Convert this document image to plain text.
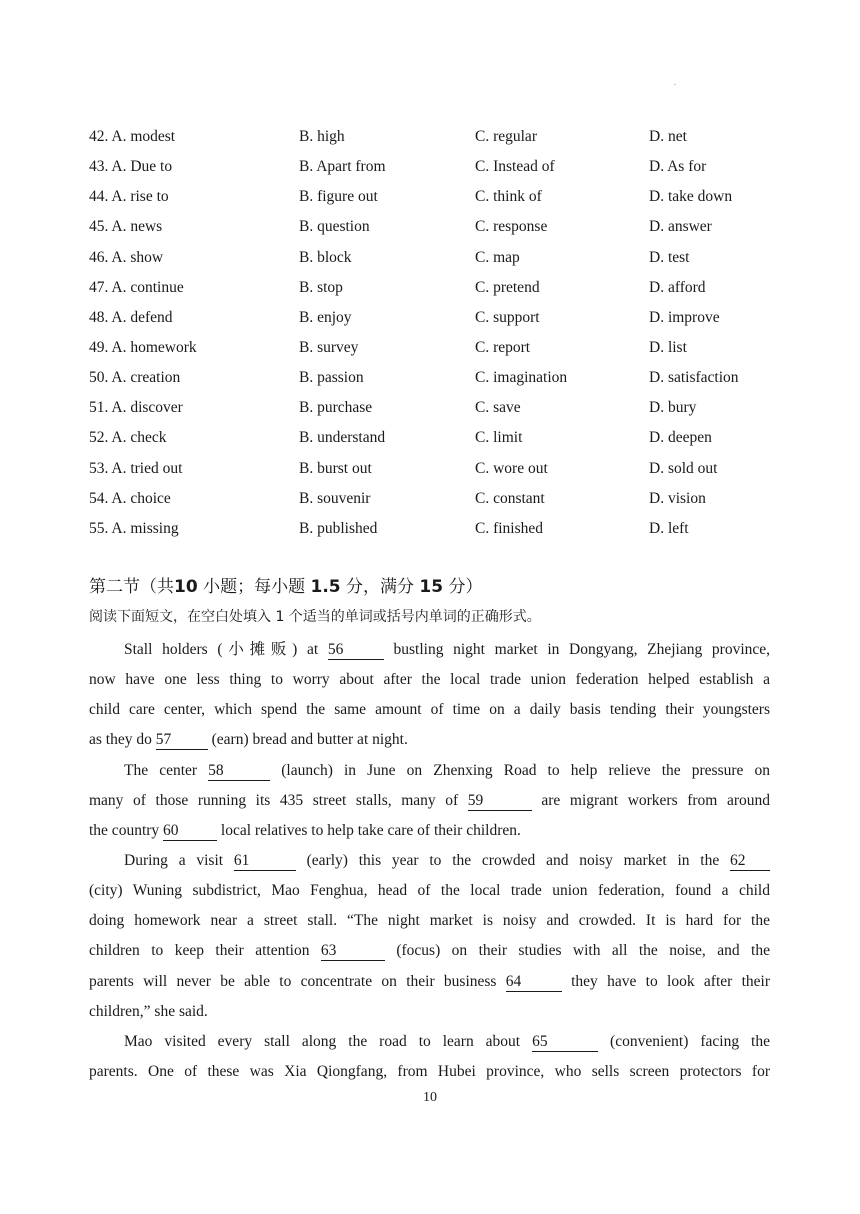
.
42. A. modest	B. high	C. regular	D. net
43. A. Due to	B. Apart from	C. Instead of	D. As for
44. A. rise to	B. figure out	C. think of	D. take down
45. A. news	B. question	C. response	D. answer
46. A. show	B. block	C. map	D. test
47. A. continue	B. stop	C. pretend	D. afford
48. A. defend	B. enjoy	C. support	D. improve
49. A. homework	B. survey	C. report	D. list
50. A. creation	B. passion	C. imagination	D. satisfaction
51. A. discover	B. purchase	C. save	D. bury
52. A. check	B. understand	C. limit	D. deepen
53. A. tried out	B. burst out	C. wore out	D. sold out
54. A. choice	B. souvenir	C. constant	D. vision
55. A. missing	B. published	C. finished	D. left
第二节（共10 小题；每小题 1.5 分，满分 15 分）
阅读下面短文，在空白处填入 1 个适当的单词或括号内单词的正确形式。
Stall holders (小摊贩) at 56	bustling night market in Dongyang, Zhejiang province,
now have one less thing to worry about after the local trade union federation helped establish a
child care center, which spend the same amount of time on a daily basis tending their youngsters
as they do 57 (earn) bread and butter at night.
The center 58	(launch) in June on Zhenxing Road to help relieve the pressure on
many of those running its 435 street stalls, many of 59	are migrant workers from around
the country 60 local relatives to help take care of their children.
During a visit 61	(early) this year to the crowded and noisy market in the 62
(city) Wuning subdistrict, Mao Fenghua, head of the local trade union federation, found a child
doing homework near a street stall. “The night market is noisy and crowded. It is hard for the
children to keep their attention 63	(focus) on their studies with all the noise, and the
parents will never be able to concentrate on their business 64	they have to look after their
children,” she said.
Mao visited every stall along the road to learn about 65	(convenient) facing the
parents. One of these was Xia Qiongfang, from Hubei province, who sells screen protectors for
10
